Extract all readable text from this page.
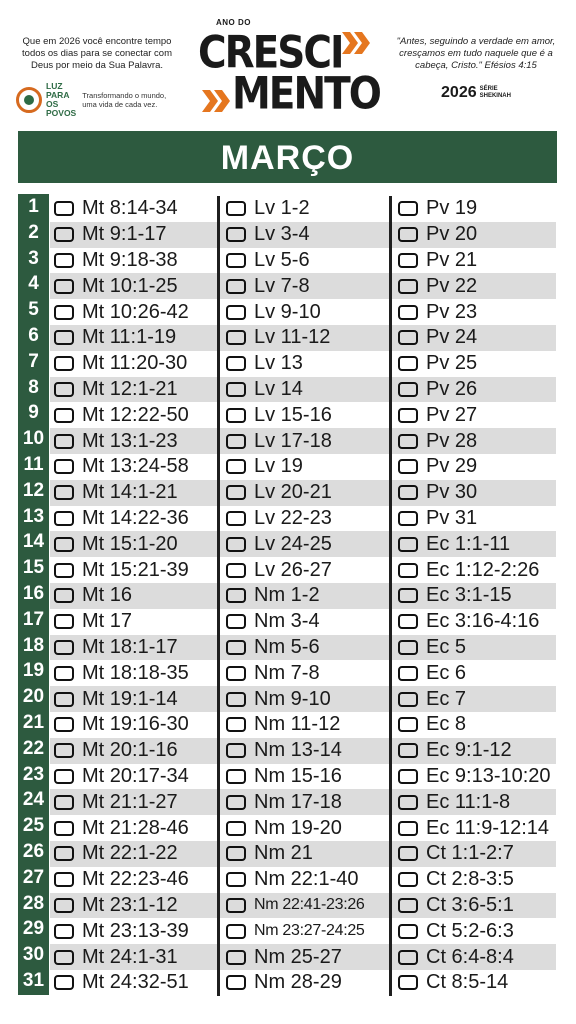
Que em 2026 você encontre tempo todos os dias para se conectar com Deus por meio da Sua Palavra.
LUZ PARA OS POVOS
Transformando o mundo, uma vida de cada vez.
ANO DO
CRESCI
MENTO
"Antes, seguindo a verdade em amor, cresçamos em tudo naquele que é a cabeça, Cristo." Efésios 4:15
2026 SÉRIE
SHEKINAH
MARÇO
Mt 8:14-34
Mt 9:1-17
Mt 9:18-38
Mt 10:1-25
Mt 10:26-42
Mt 11:1-19
Mt 11:20-30
Mt 12:1-21
Mt 12:22-50
Mt 13:1-23
Mt 13:24-58
Mt 14:1-21
Mt 14:22-36
Mt 15:1-20
Mt 15:21-39
Mt 16
Mt 17
Mt 18:1-17
Mt 18:18-35
Mt 19:1-14
Mt 19:16-30
Mt 20:1-16
Mt 20:17-34
Mt 21:1-27
Mt 21:28-46
Mt 22:1-22
Mt 22:23-46
Mt 23:1-12
Mt 23:13-39
Mt 24:1-31
Mt 24:32-51
Lv 1-2
Lv 3-4
Lv 5-6
Lv 7-8
Lv 9-10
Lv 11-12
Lv 13
Lv 14
Lv 15-16
Lv 17-18
Lv 19
Lv 20-21
Lv 22-23
Lv 24-25
Lv 26-27
Nm 1-2
Nm 3-4
Nm 5-6
Nm 7-8
Nm 9-10
Nm 11-12
Nm 13-14
Nm 15-16
Nm 17-18
Nm 19-20
Nm 21
Nm 22:1-40
Nm 22:41-23:26
Nm 23:27-24:25
Nm 25-27
Nm 28-29
Pv 19
Pv 20
Pv 21
Pv 22
Pv 23
Pv 24
Pv 25
Pv 26
Pv 27
Pv 28
Pv 29
Pv 30
Pv 31
Ec 1:1-11
Ec 1:12-2:26
Ec 3:1-15
Ec 3:16-4:16
Ec 5
Ec 6
Ec 7
Ec 8
Ec 9:1-12
Ec 9:13-10:20
Ec 11:1-8
Ec 11:9-12:14
Ct 1:1-2:7
Ct 2:8-3:5
Ct 3:6-5:1
Ct 5:2-6:3
Ct 6:4-8:4
Ct 8:5-14
1
2
3
4
5
6
7
8
9
10
11
12
13
14
15
16
17
18
19
20
21
22
23
24
25
26
27
28
29
30
31
